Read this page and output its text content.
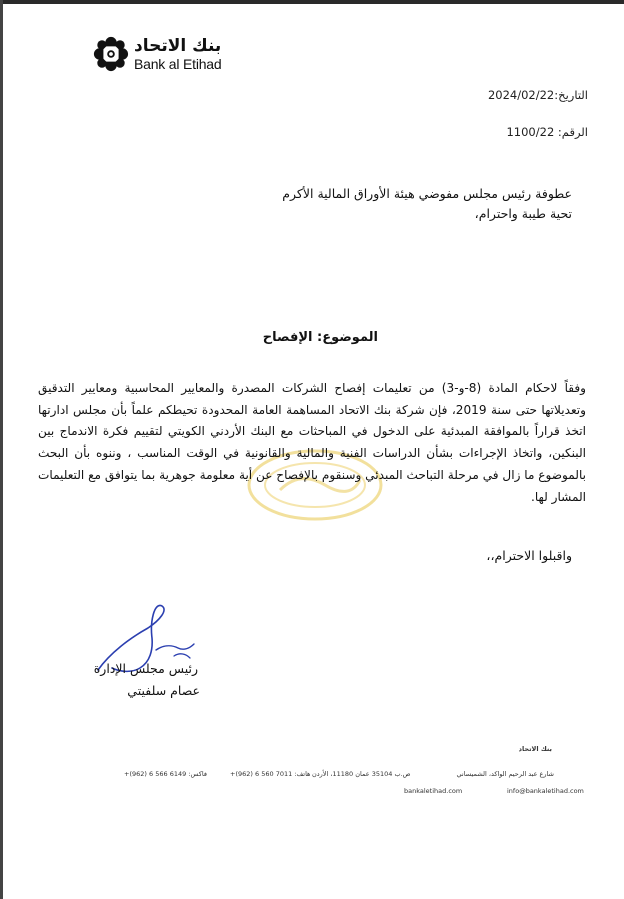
بنك الاتحاد
Bank al Etihad
التاريخ:2024/02/22
الرقم: 1100/22
عطوفة رئيس مجلس مفوضي هيئة الأوراق المالية الأكرم
تحية طيبة واحترام،
الموضوع: الإفصاح
وفقاً لاحكام المادة (8-و-3) من تعليمات إفصاح الشركات المصدرة والمعايير المحاسبية ومعايير التدقيق وتعديلاتها حتى سنة 2019، فإن شركة بنك الاتحاد المساهمة العامة المحدودة تحيطكم علماً بأن مجلس ادارتها اتخذ قراراً بالموافقة المبدئية على الدخول في المباحثات مع البنك الأردني الكويتي لتقييم فكرة الاندماج بين البنكين، واتخاذ الإجراءات بشأن الدراسات الفنية والمالية والقانونية في الوقت المناسب ، وننوه بأن البحث بالموضوع ما زال في مرحلة التباحث المبدئي وسنقوم بالإفصاح عن أية معلومة جوهرية بما يتوافق مع التعليمات المشار لها.
واقبلوا الاحترام،،
رئيس مجلس الإدارة
عصام سلفيتي
بنك الاتحاد
شارع عبد الرحيم الواكد، الشميساني
ص.ب 35104 عمان 11180، الأردن
هاتف: 7011 560 6 (962)+
فاكس: 6149 566 6 (962)+
bankaletihad.com	info@bankaletihad.com
